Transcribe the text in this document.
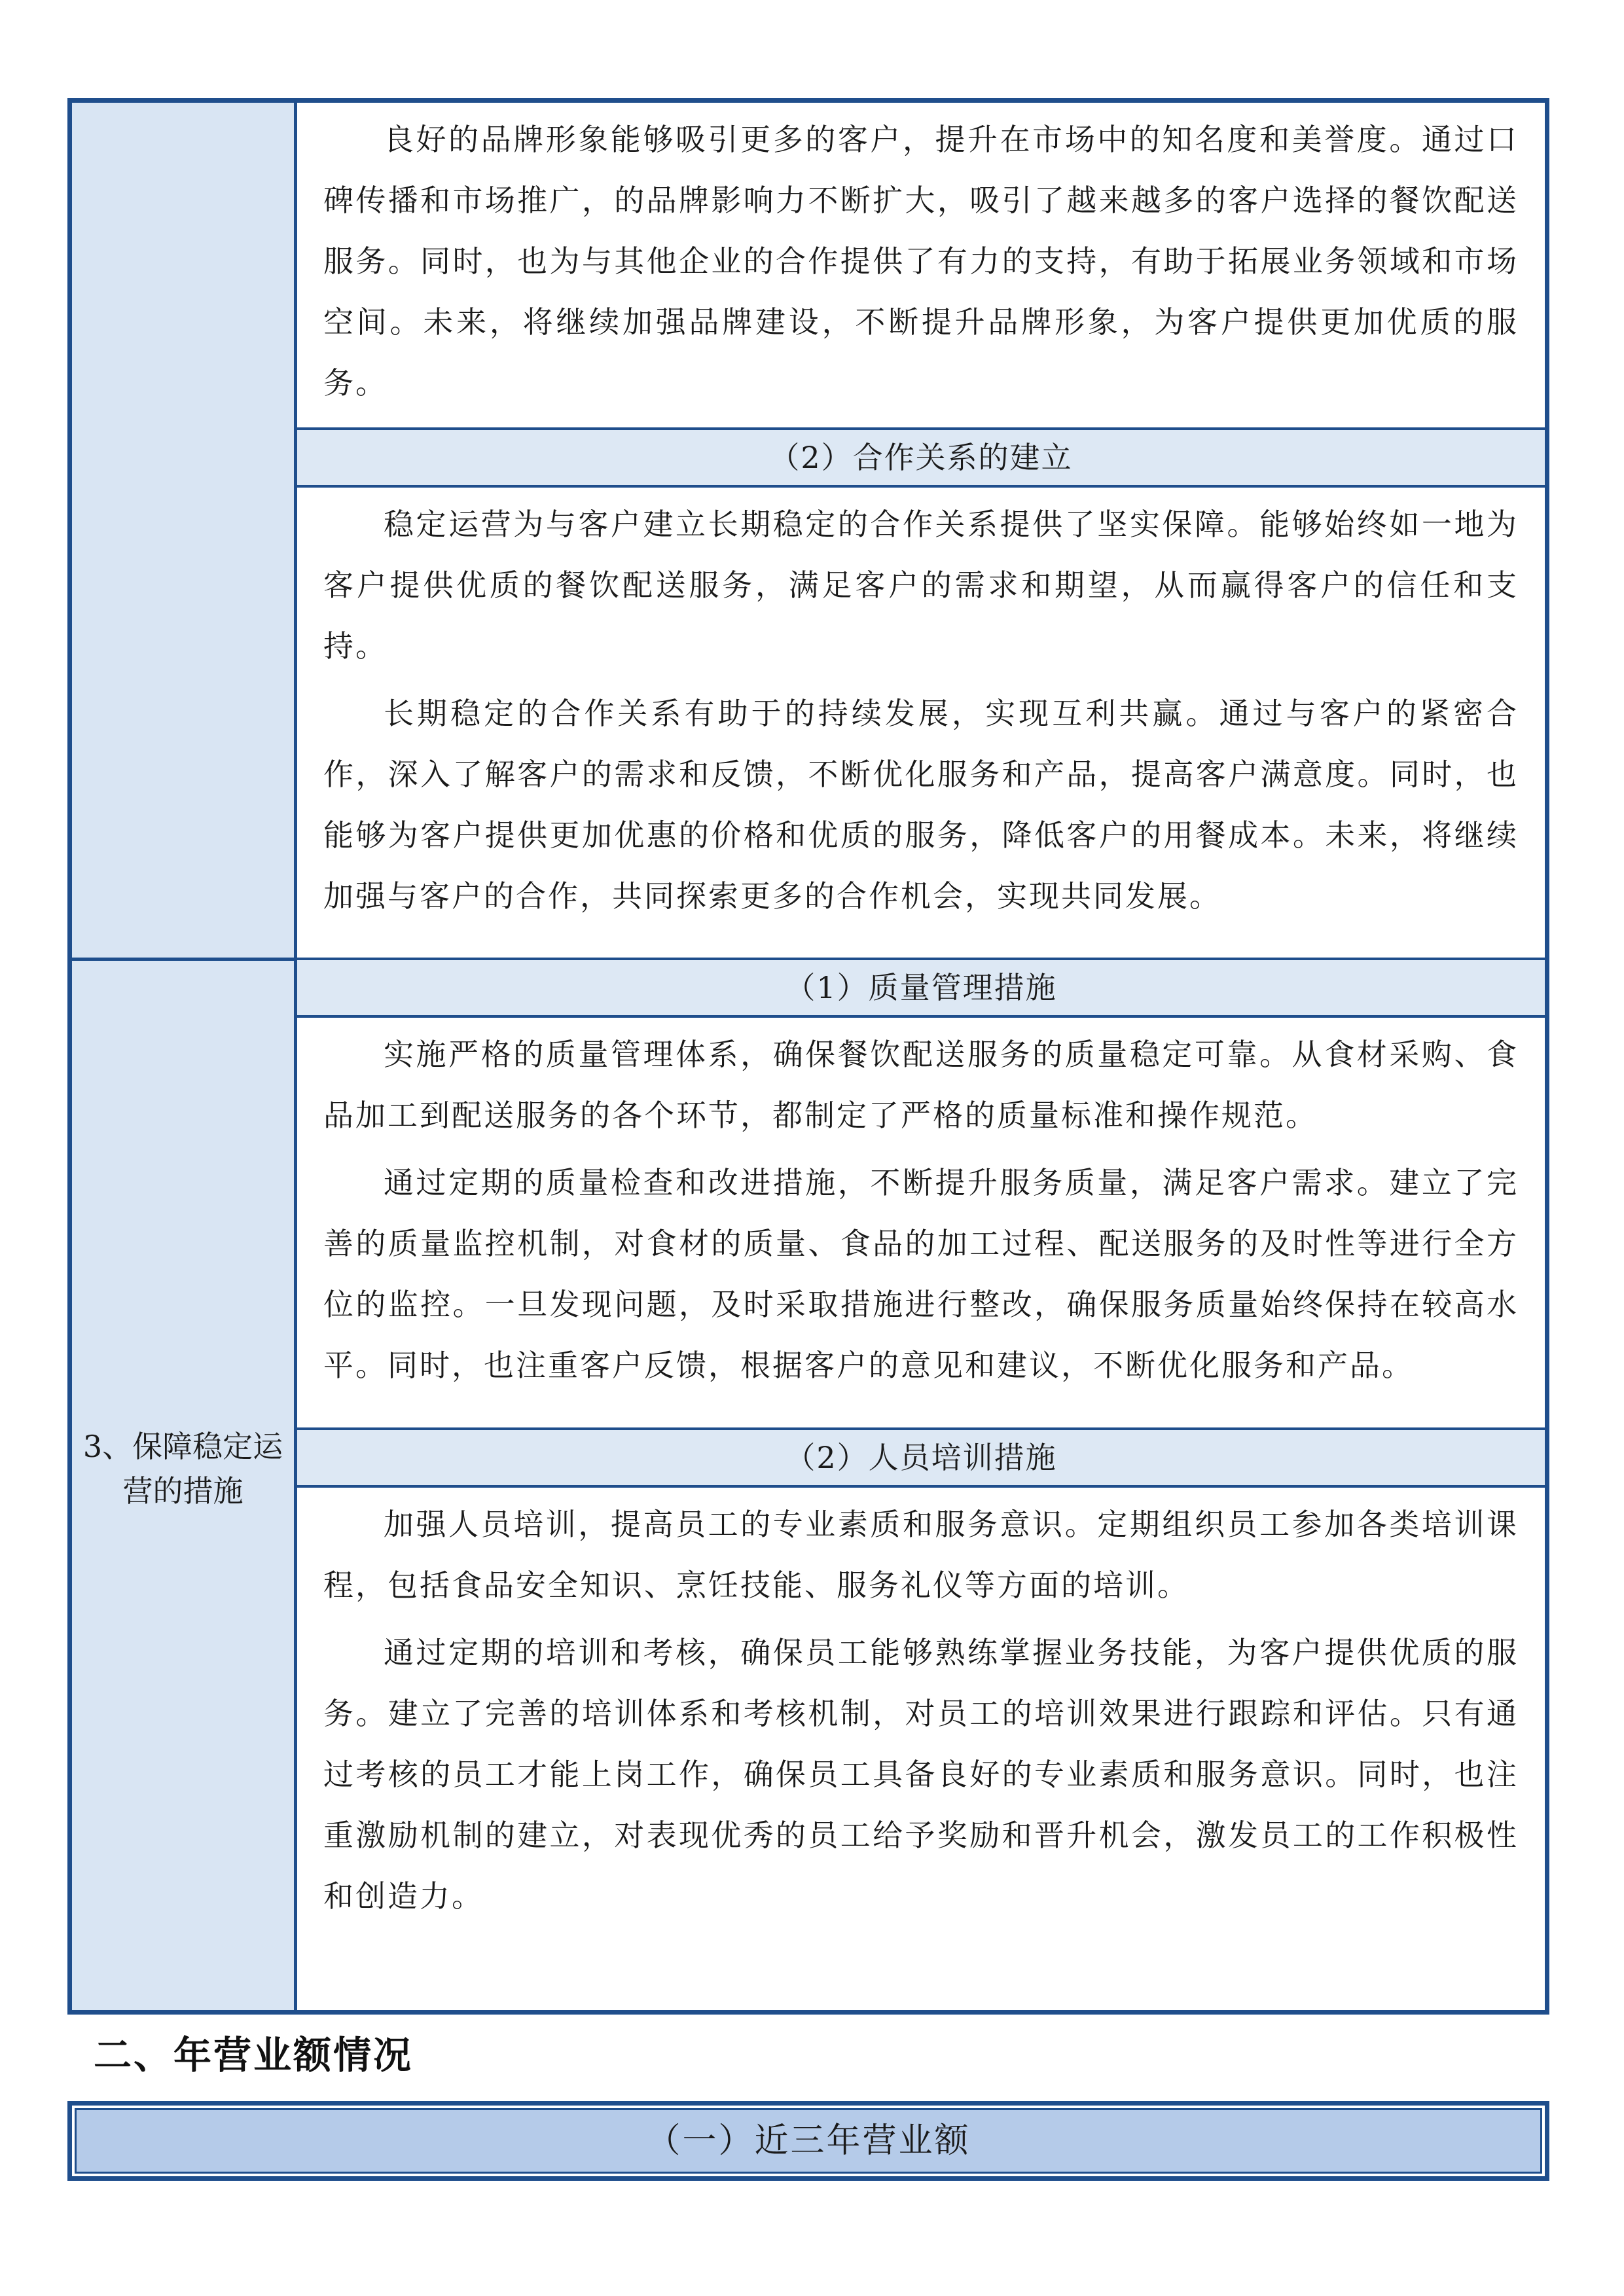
3、保障稳定运营的措施

良好的品牌形象能够吸引更多的客户，提升在市场中的知名度和美誉度。通过口碑传播和市场推广，的品牌影响力不断扩大，吸引了越来越多的客户选择的餐饮配送服务。同时，也为与其他企业的合作提供了有力的支持，有助于拓展业务领域和市场空间。未来，将继续加强品牌建设，不断提升品牌形象，为客户提供更加优质的服务。

（2）合作关系的建立

稳定运营为与客户建立长期稳定的合作关系提供了坚实保障。能够始终如一地为客户提供优质的餐饮配送服务，满足客户的需求和期望，从而赢得客户的信任和支持。

长期稳定的合作关系有助于的持续发展，实现互利共赢。通过与客户的紧密合作，深入了解客户的需求和反馈，不断优化服务和产品，提高客户满意度。同时，也能够为客户提供更加优惠的价格和优质的服务，降低客户的用餐成本。未来，将继续加强与客户的合作，共同探索更多的合作机会，实现共同发展。

（1）质量管理措施

实施严格的质量管理体系，确保餐饮配送服务的质量稳定可靠。从食材采购、食品加工到配送服务的各个环节，都制定了严格的质量标准和操作规范。

通过定期的质量检查和改进措施，不断提升服务质量，满足客户需求。建立了完善的质量监控机制，对食材的质量、食品的加工过程、配送服务的及时性等进行全方位的监控。一旦发现问题，及时采取措施进行整改，确保服务质量始终保持在较高水平。同时，也注重客户反馈，根据客户的意见和建议，不断优化服务和产品。

（2）人员培训措施

加强人员培训，提高员工的专业素质和服务意识。定期组织员工参加各类培训课程，包括食品安全知识、烹饪技能、服务礼仪等方面的培训。

通过定期的培训和考核，确保员工能够熟练掌握业务技能，为客户提供优质的服务。建立了完善的培训体系和考核机制，对员工的培训效果进行跟踪和评估。只有通过考核的员工才能上岗工作，确保员工具备良好的专业素质和服务意识。同时，也注重激励机制的建立，对表现优秀的员工给予奖励和晋升机会，激发员工的工作积极性和创造力。

二、年营业额情况
（一）近三年营业额
